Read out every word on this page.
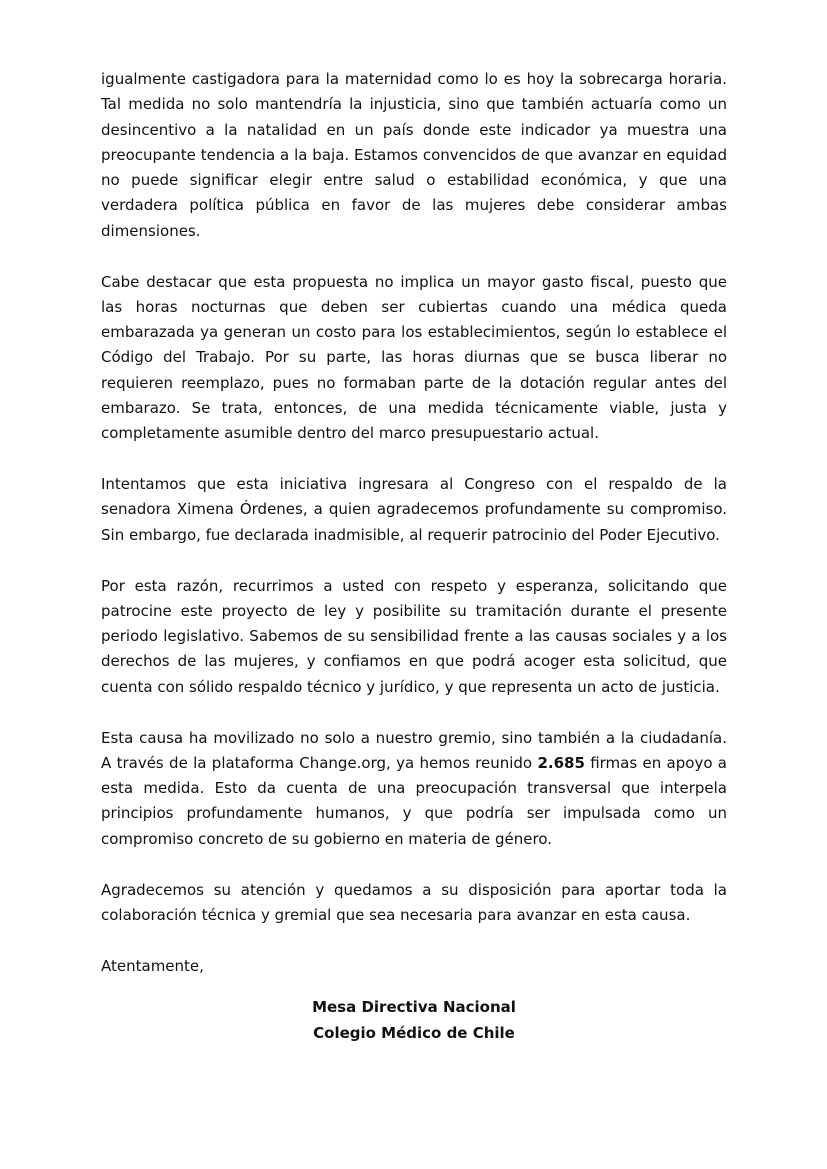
igualmente castigadora para la maternidad como lo es hoy la sobrecarga horaria. Tal medida no solo mantendría la injusticia, sino que también actuaría como un desincentivo a la natalidad en un país donde este indicador ya muestra una preocupante tendencia a la baja. Estamos convencidos de que avanzar en equidad no puede significar elegir entre salud o estabilidad económica, y que una verdadera política pública en favor de las mujeres debe considerar ambas dimensiones.

Cabe destacar que esta propuesta no implica un mayor gasto fiscal, puesto que las horas nocturnas que deben ser cubiertas cuando una médica queda embarazada ya generan un costo para los establecimientos, según lo establece el Código del Trabajo. Por su parte, las horas diurnas que se busca liberar no requieren reemplazo, pues no formaban parte de la dotación regular antes del embarazo. Se trata, entonces, de una medida técnicamente viable, justa y completamente asumible dentro del marco presupuestario actual.

Intentamos que esta iniciativa ingresara al Congreso con el respaldo de la senadora Ximena Órdenes, a quien agradecemos profundamente su compromiso. Sin embargo, fue declarada inadmisible, al requerir patrocinio del Poder Ejecutivo.

Por esta razón, recurrimos a usted con respeto y esperanza, solicitando que patrocine este proyecto de ley y posibilite su tramitación durante el presente periodo legislativo. Sabemos de su sensibilidad frente a las causas sociales y a los derechos de las mujeres, y confiamos en que podrá acoger esta solicitud, que cuenta con sólido respaldo técnico y jurídico, y que representa un acto de justicia.

Esta causa ha movilizado no solo a nuestro gremio, sino también a la ciudadanía. A través de la plataforma Change.org, ya hemos reunido 2.685 firmas en apoyo a esta medida. Esto da cuenta de una preocupación transversal que interpela principios profundamente humanos, y que podría ser impulsada como un compromiso concreto de su gobierno en materia de género.

Agradecemos su atención y quedamos a su disposición para aportar toda la colaboración técnica y gremial que sea necesaria para avanzar en esta causa.

Atentamente,

Mesa Directiva Nacional
Colegio Médico de Chile
